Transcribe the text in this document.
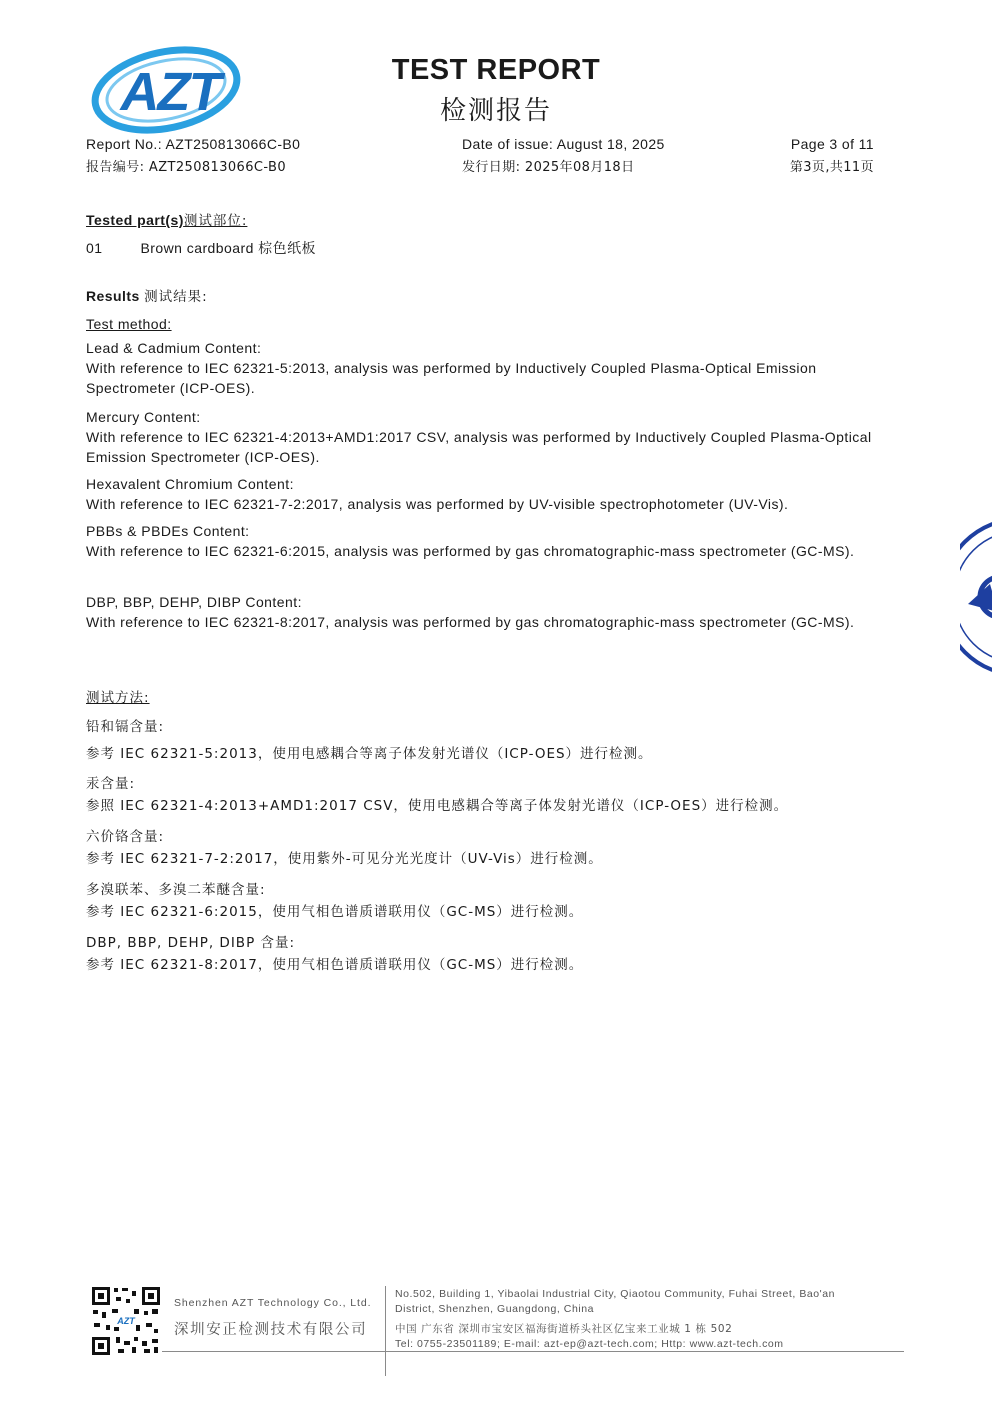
AZT	TEST REPORT
检测报告
Report No.: AZT250813066C-B0
报告编号: AZT250813066C-B0
Date of issue: August 18, 2025
发行日期: 2025年08月18日
Page 3 of 11
第3页,共11页
Tested part(s)测试部位:
01	Brown cardboard 棕色纸板
Results 测试结果:
Test method:
Lead & Cadmium Content:
With reference to IEC 62321-5:2013, analysis was performed by Inductively Coupled Plasma-Optical Emission Spectrometer (ICP-OES).
Mercury Content:
With reference to IEC 62321-4:2013+AMD1:2017 CSV, analysis was performed by Inductively Coupled Plasma-Optical Emission Spectrometer (ICP-OES).
Hexavalent Chromium Content:
With reference to IEC 62321-7-2:2017, analysis was performed by UV-visible spectrophotometer (UV-Vis).
PBBs & PBDEs Content:
With reference to IEC 62321-6:2015, analysis was performed by gas chromatographic-mass spectrometer (GC-MS).
DBP, BBP, DEHP, DIBP Content:
With reference to IEC 62321-8:2017, analysis was performed by gas chromatographic-mass spectrometer (GC-MS).
测试方法:
铅和镉含量:
参考 IEC 62321-5:2013，使用电感耦合等离子体发射光谱仪（ICP-OES）进行检测。
汞含量:
参照 IEC 62321-4:2013+AMD1:2017 CSV，使用电感耦合等离子体发射光谱仪（ICP-OES）进行检测。
六价铬含量:
参考 IEC 62321-7-2:2017，使用紫外-可见分光光度计（UV-Vis）进行检测。
多溴联苯、多溴二苯醚含量:
参考 IEC 62321-6:2015，使用气相色谱质谱联用仪（GC-MS）进行检测。
DBP, BBP, DEHP, DIBP 含量:
参考 IEC 62321-8:2017，使用气相色谱质谱联用仪（GC-MS）进行检测。
AZT
Shenzhen AZT Technology Co., Ltd.
深圳安正检测技术有限公司
No.502, Building 1, Yibaolai Industrial City, Qiaotou Community, Fuhai Street, Bao'an
District, Shenzhen, Guangdong, China
中国 广东省 深圳市宝安区福海街道桥头社区亿宝来工业城 1 栋 502
Tel: 0755-23501189; E-mail: azt-ep@azt-tech.com; Http: www.azt-tech.com
